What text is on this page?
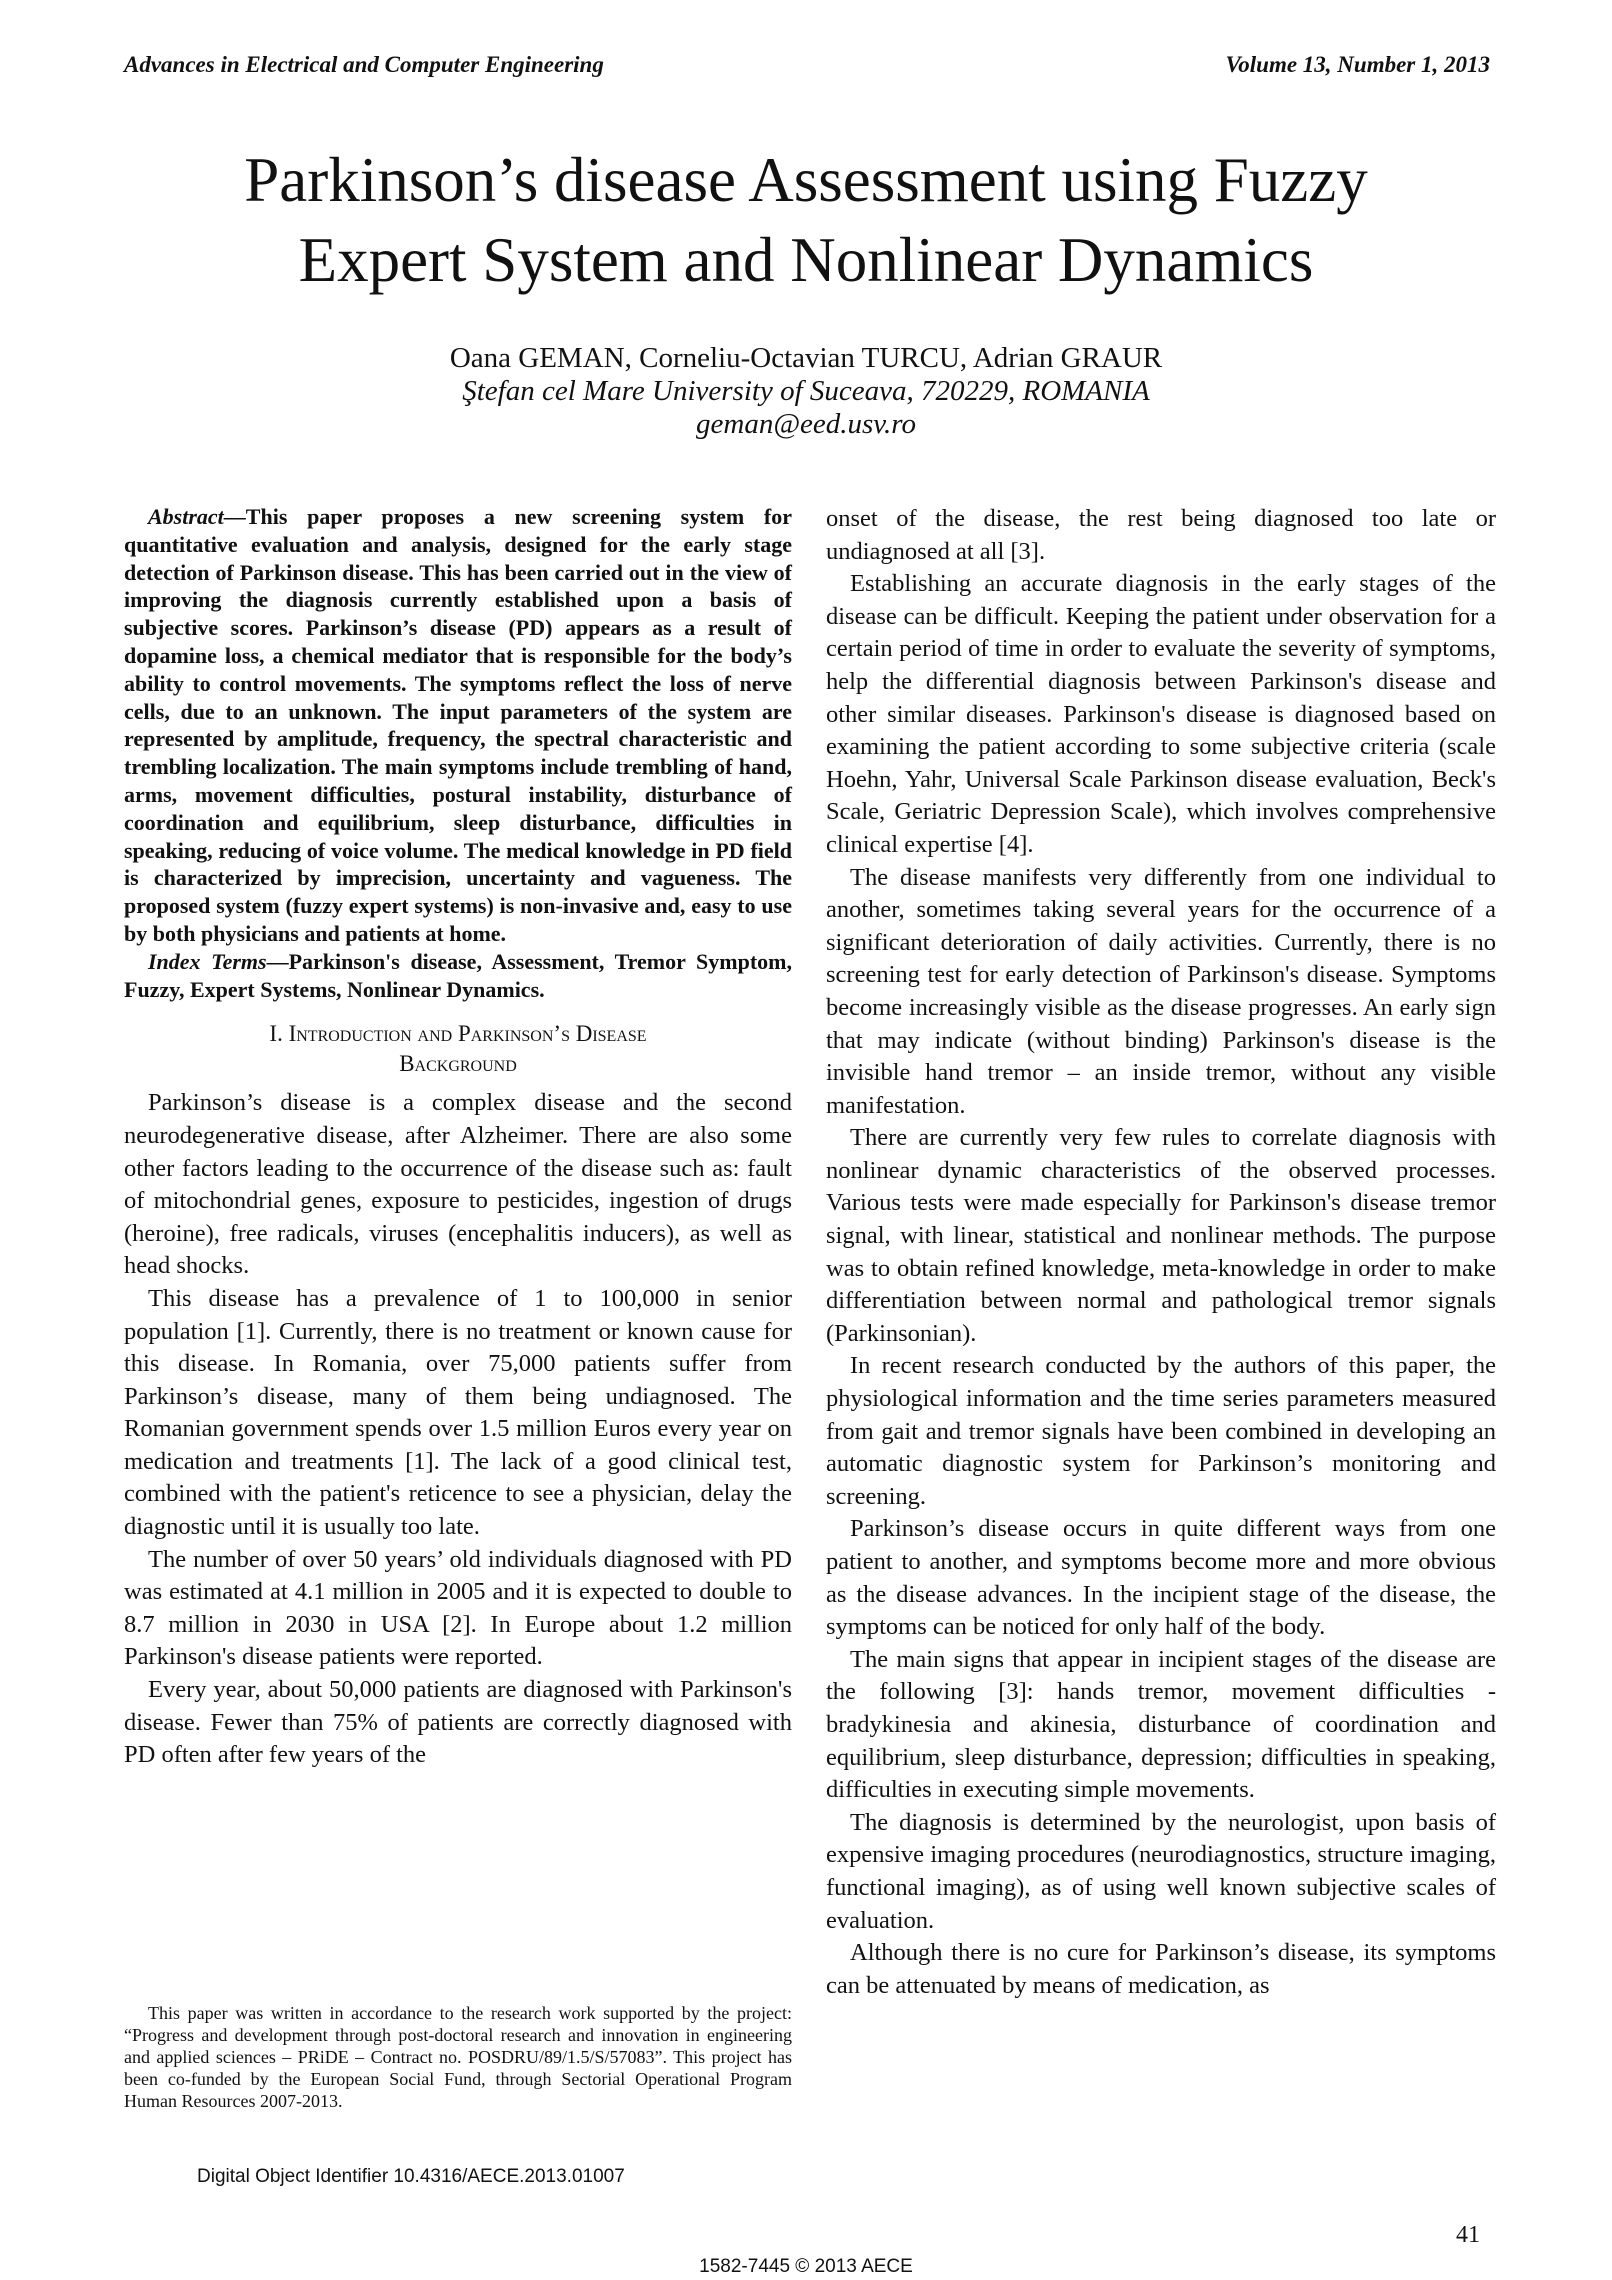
Advances in Electrical and Computer Engineering	Volume 13, Number 1, 2013
Parkinson’s disease Assessment using Fuzzy
Expert System and Nonlinear Dynamics
Oana GEMAN, Corneliu-Octavian TURCU, Adrian GRAUR
Ştefan cel Mare University of Suceava, 720229, ROMANIA
geman@eed.usv.ro

Abstract—This paper proposes a new screening system for quantitative evaluation and analysis, designed for the early stage detection of Parkinson disease. This has been carried out in the view of improving the diagnosis currently established upon a basis of subjective scores. Parkinson’s disease (PD) appears as a result of dopamine loss, a chemical mediator that is responsible for the body’s ability to control movements. The symptoms reflect the loss of nerve cells, due to an unknown. The input parameters of the system are represented by amplitude, frequency, the spectral characteristic and trembling localization. The main symptoms include trembling of hand, arms, movement difficulties, postural instability, disturbance of coordination and equilibrium, sleep disturbance, difficulties in speaking, reducing of voice volume. The medical knowledge in PD field is characterized by imprecision, uncertainty and vagueness. The proposed system (fuzzy expert systems) is non-invasive and, easy to use by both physicians and patients at home.

Index Terms—Parkinson's disease, Assessment, Tremor Symptom, Fuzzy, Expert Systems, Nonlinear Dynamics.

I. Introduction and Parkinson’s Disease
Background

Parkinson’s disease is a complex disease and the second neurodegenerative disease, after Alzheimer. There are also some other factors leading to the occurrence of the disease such as: fault of mitochondrial genes, exposure to pesticides, ingestion of drugs (heroine), free radicals, viruses (encephalitis inducers), as well as head shocks.

This disease has a prevalence of 1 to 100,000 in senior population [1]. Currently, there is no treatment or known cause for this disease. In Romania, over 75,000 patients suffer from Parkinson’s disease, many of them being undiagnosed. The Romanian government spends over 1.5 million Euros every year on medication and treatments [1]. The lack of a good clinical test, combined with the patient's reticence to see a physician, delay the diagnostic until it is usually too late.

The number of over 50 years’ old individuals diagnosed with PD was estimated at 4.1 million in 2005 and it is expected to double to 8.7 million in 2030 in USA [2]. In Europe about 1.2 million Parkinson's disease patients were reported.

Every year, about 50,000 patients are diagnosed with Parkinson's disease. Fewer than 75% of patients are correctly diagnosed with PD often after few years of the

onset of the disease, the rest being diagnosed too late or undiagnosed at all [3].

Establishing an accurate diagnosis in the early stages of the disease can be difficult. Keeping the patient under observation for a certain period of time in order to evaluate the severity of symptoms, help the differential diagnosis between Parkinson's disease and other similar diseases. Parkinson's disease is diagnosed based on examining the patient according to some subjective criteria (scale Hoehn, Yahr, Universal Scale Parkinson disease evaluation, Beck's Scale, Geriatric Depression Scale), which involves comprehensive clinical expertise [4].

The disease manifests very differently from one individual to another, sometimes taking several years for the occurrence of a significant deterioration of daily activities. Currently, there is no screening test for early detection of Parkinson's disease. Symptoms become increasingly visible as the disease progresses. An early sign that may indicate (without binding) Parkinson's disease is the invisible hand tremor – an inside tremor, without any visible manifestation.

There are currently very few rules to correlate diagnosis with nonlinear dynamic characteristics of the observed processes. Various tests were made especially for Parkinson's disease tremor signal, with linear, statistical and nonlinear methods. The purpose was to obtain refined knowledge, meta-knowledge in order to make differentiation between normal and pathological tremor signals (Parkinsonian).

In recent research conducted by the authors of this paper, the physiological information and the time series parameters measured from gait and tremor signals have been combined in developing an automatic diagnostic system for Parkinson’s monitoring and screening.

Parkinson’s disease occurs in quite different ways from one patient to another, and symptoms become more and more obvious as the disease advances. In the incipient stage of the disease, the symptoms can be noticed for only half of the body.

The main signs that appear in incipient stages of the disease are the following [3]: hands tremor, movement difficulties - bradykinesia and akinesia, disturbance of coordination and equilibrium, sleep disturbance, depression; difficulties in speaking, difficulties in executing simple movements.

The diagnosis is determined by the neurologist, upon basis of expensive imaging procedures (neurodiagnostics, structure imaging, functional imaging), as of using well known subjective scales of evaluation.

Although there is no cure for Parkinson’s disease, its symptoms can be attenuated by means of medication, as

This paper was written in accordance to the research work supported by the project: “Progress and development through post-doctoral research and innovation in engineering and applied sciences – PRiDE – Contract no. POSDRU/89/1.5/S/57083”. This project has been co-funded by the European Social Fund, through Sectorial Operational Program Human Resources 2007-2013.

Digital Object Identifier 10.4316/AECE.2013.01007
41
1582-7445 © 2013 AECE
